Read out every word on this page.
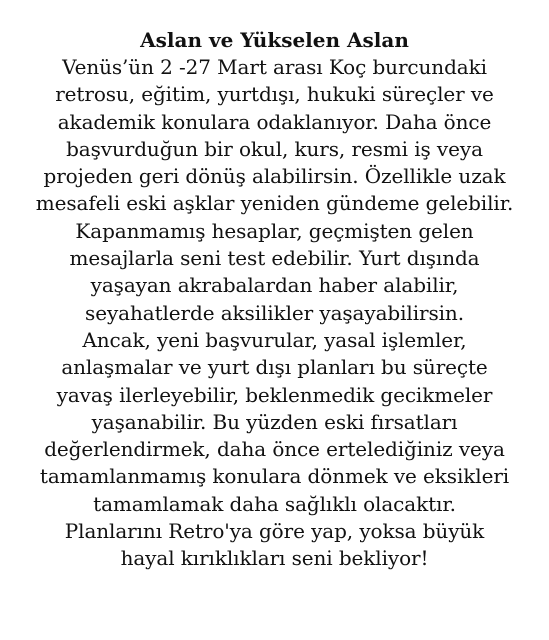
Aslan ve Yükselen Aslan
Venüs’ün 2 -27 Mart arası Koç burcundaki
retrosu, eğitim, yurtdışı, hukuki süreçler ve
akademik konulara odaklanıyor. Daha önce
başvurduğun bir okul, kurs, resmi iş veya
projeden geri dönüş alabilirsin. Özellikle uzak
mesafeli eski aşklar yeniden gündeme gelebilir.
Kapanmamış hesaplar, geçmişten gelen
mesajlarla seni test edebilir. Yurt dışında
yaşayan akrabalardan haber alabilir,
seyahatlerde aksilikler yaşayabilirsin.
Ancak, yeni başvurular, yasal işlemler,
anlaşmalar ve yurt dışı planları bu süreçte
yavaş ilerleyebilir, beklenmedik gecikmeler
yaşanabilir. Bu yüzden eski fırsatları
değerlendirmek, daha önce ertelediğiniz veya
tamamlanmamış konulara dönmek ve eksikleri
tamamlamak daha sağlıklı olacaktır.
Planlarını Retro'ya göre yap, yoksa büyük
hayal kırıklıkları seni bekliyor!
